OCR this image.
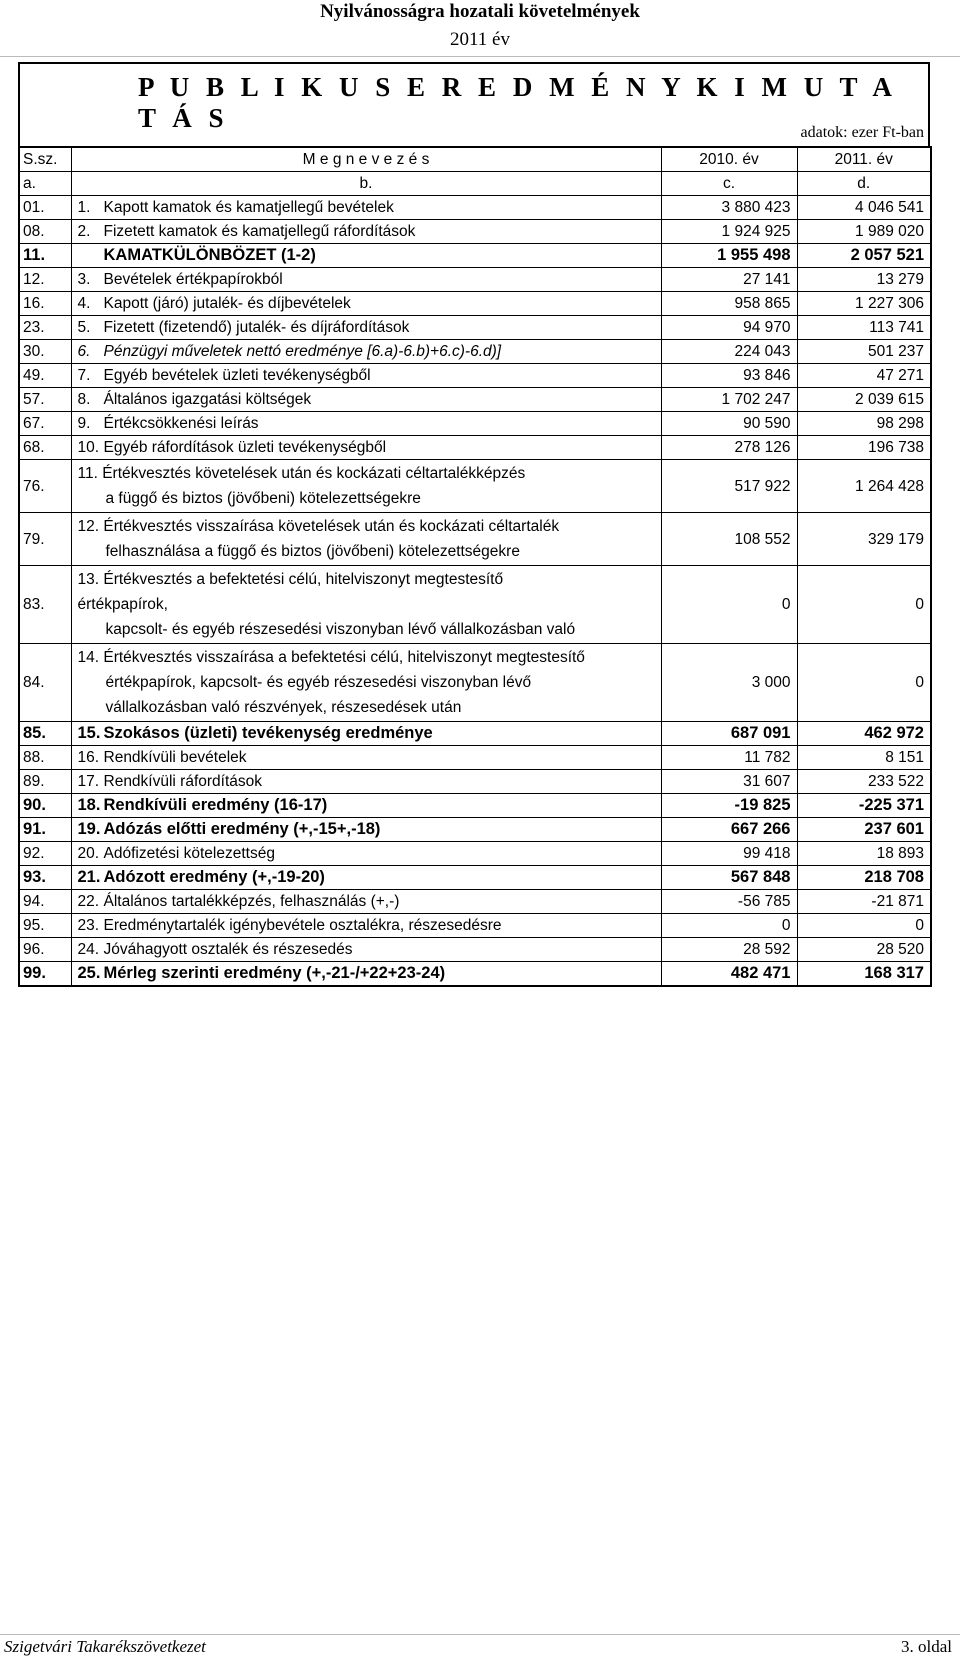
Nyilvánosságra hozatali követelmények
2011 év
P U B L I K U S E R E D M É N Y K I M U T A T Á S	adatok: ezer Ft-ban
S.sz.	M e g n e v e z é s	2010. év	2011. év
a.	b.	c.	d.
01.	1. Kapott kamatok és kamatjellegű bevételek	3 880 423	4 046 541
08.	2. Fizetett kamatok és kamatjellegű ráfordítások	1 924 925	1 989 020
11.	KAMATKÜLÖNBÖZET (1-2)	1 955 498	2 057 521
12.	3. Bevételek értékpapírokból	27 141	13 279
16.	4. Kapott (járó) jutalék- és díjbevételek	958 865	1 227 306
23.	5. Fizetett (fizetendő) jutalék- és díjráfordítások	94 970	113 741
30.	6. Pénzügyi műveletek nettó eredménye [6.a)-6.b)+6.c)-6.d)]	224 043	501 237
49.	7. Egyéb bevételek üzleti tevékenységből	93 846	47 271
57.	8. Általános igazgatási költségek	1 702 247	2 039 615
67.	9. Értékcsökkenési leírás	90 590	98 298
68.	10. Egyéb ráfordítások üzleti tevékenységből	278 126	196 738
76.	11. Értékvesztés követelések után és kockázati céltartalékképzés
a függő és biztos (jövőbeni) kötelezettségekre	517 922	1 264 428
79.	12. Értékvesztés visszaírása követelések után és kockázati céltartalék
felhasználása a függő és biztos (jövőbeni) kötelezettségekre	108 552	329 179
83.	13. Értékvesztés a befektetési célú, hitelviszonyt megtestesítő
értékpapírok,
kapcsolt- és egyéb részesedési viszonyban lévő vállalkozásban való	0	0
84.	14. Értékvesztés visszaírása a befektetési célú, hitelviszonyt megtestesítő
értékpapírok, kapcsolt- és egyéb részesedési viszonyban lévő
vállalkozásban való részvények, részesedések után	3 000	0
85.	15. Szokásos (üzleti) tevékenység eredménye	687 091	462 972
88.	16. Rendkívüli bevételek	11 782	8 151
89.	17. Rendkívüli ráfordítások	31 607	233 522
90.	18. Rendkívüli eredmény (16-17)	-19 825	-225 371
91.	19. Adózás előtti eredmény (+,-15+,-18)	667 266	237 601
92.	20. Adófizetési kötelezettség	99 418	18 893
93.	21. Adózott eredmény (+,-19-20)	567 848	218 708
94.	22. Általános tartalékképzés, felhasználás (+,-)	-56 785	-21 871
95.	23. Eredménytartalék igénybevétele osztalékra, részesedésre	0	0
96.	24. Jóváhagyott osztalék és részesedés	28 592	28 520
99.	25. Mérleg szerinti eredmény (+,-21-/+22+23-24)	482 471	168 317
Szigetvári Takarékszövetkezet	3. oldal
